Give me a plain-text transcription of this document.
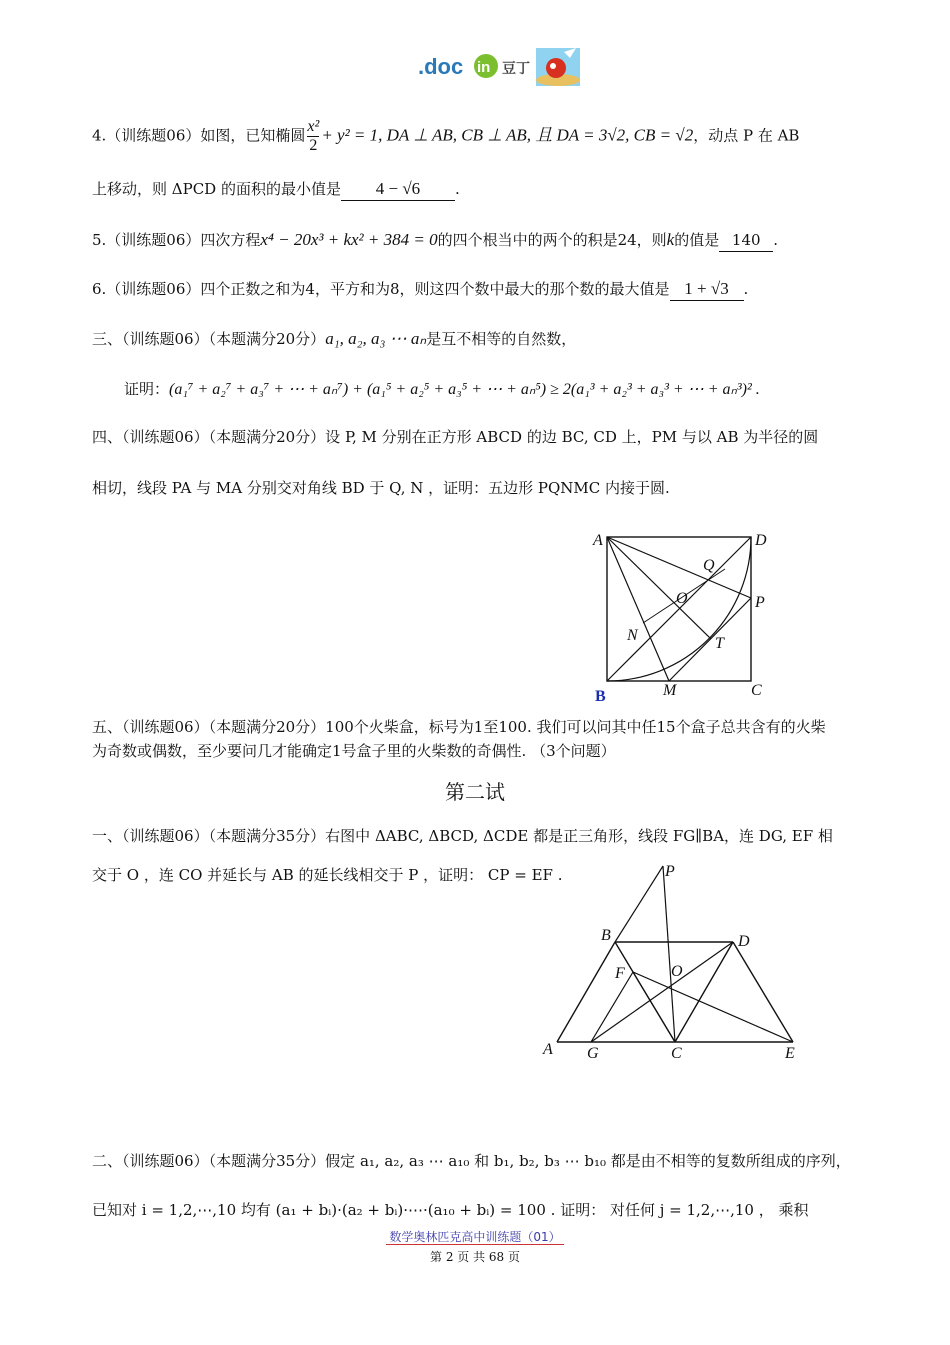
.doc in 豆丁
4.（训练题06）如图，已知椭圆 $\frac{\text{x²}}{2} + y^2 = 1$, DA ⊥ AB, CB ⊥ AB, 且 DA = 3√2, CB = √2，动点 P 在 AB
上移动，则 ΔPCD 的面积的最小值是 4 − √6 .
5.（训练题06）四次方程x⁴ − 20x³ + kx² + 384 = 0的四个根当中的两个的积是24，则k的值是 140 .
6.（训练题06）四个正数之和为4，平方和为8，则这四个数中最大的那个数的最大值是 1 + √3 .
三、（训练题06）（本题满分20分）a₁, a₂, a₃ ⋯ aₙ是互不相等的自然数，
证明：(a₁⁷ + a₂⁷ + a₃⁷ + ⋯ + aₙ⁷) + (a₁⁵ + a₂⁵ + a₃⁵ + ⋯ + aₙ⁵) ≥ 2(a₁³ + a₂³ + a₃³ + ⋯ + aₙ³)² .
四、（训练题06）（本题满分20分）设 P, M 分别在正方形 ABCD 的边 BC, CD 上，PM 与以 AB 为半径的圆
相切，线段 PA 与 MA 分别交对角线 BD 于 Q, N ，证明：五边形 PQNMC 内接于圆.
A	D
Q
O	P
N	T
B	M	C
五、（训练题06）（本题满分20分）100个火柴盒，标号为1至100. 我们可以问其中任15个盒子总共含有的火柴
为奇数或偶数，至少要问几才能确定1号盒子里的火柴数的奇偶性. （3个问题）
第二试
一、（训练题06）（本题满分35分）右图中 ΔABC, ΔBCD, ΔCDE 都是正三角形，线段 FG∥BA，连 DG, EF 相
交于 O ，连 CO 并延长与 AB 的延长线相交于 P ，证明： CP = EF .	P
B	D
F	O
A G	C	E
二、（训练题06）（本题满分35分）假定 a₁, a₂, a₃ ⋯ a₁₀ 和 b₁, b₂, b₃ ⋯ b₁₀ 都是由不相等的复数所组成的序列，
已知对 i = 1,2,⋯,10 均有 (a₁ + bᵢ)·(a₂ + bᵢ)·⋯·(a₁₀ + bᵢ) = 100 . 证明： 对任何 j = 1,2,⋯,10 ， 乘积
数学奥林匹克高中训练题（01）
第 2 页 共 68 页
